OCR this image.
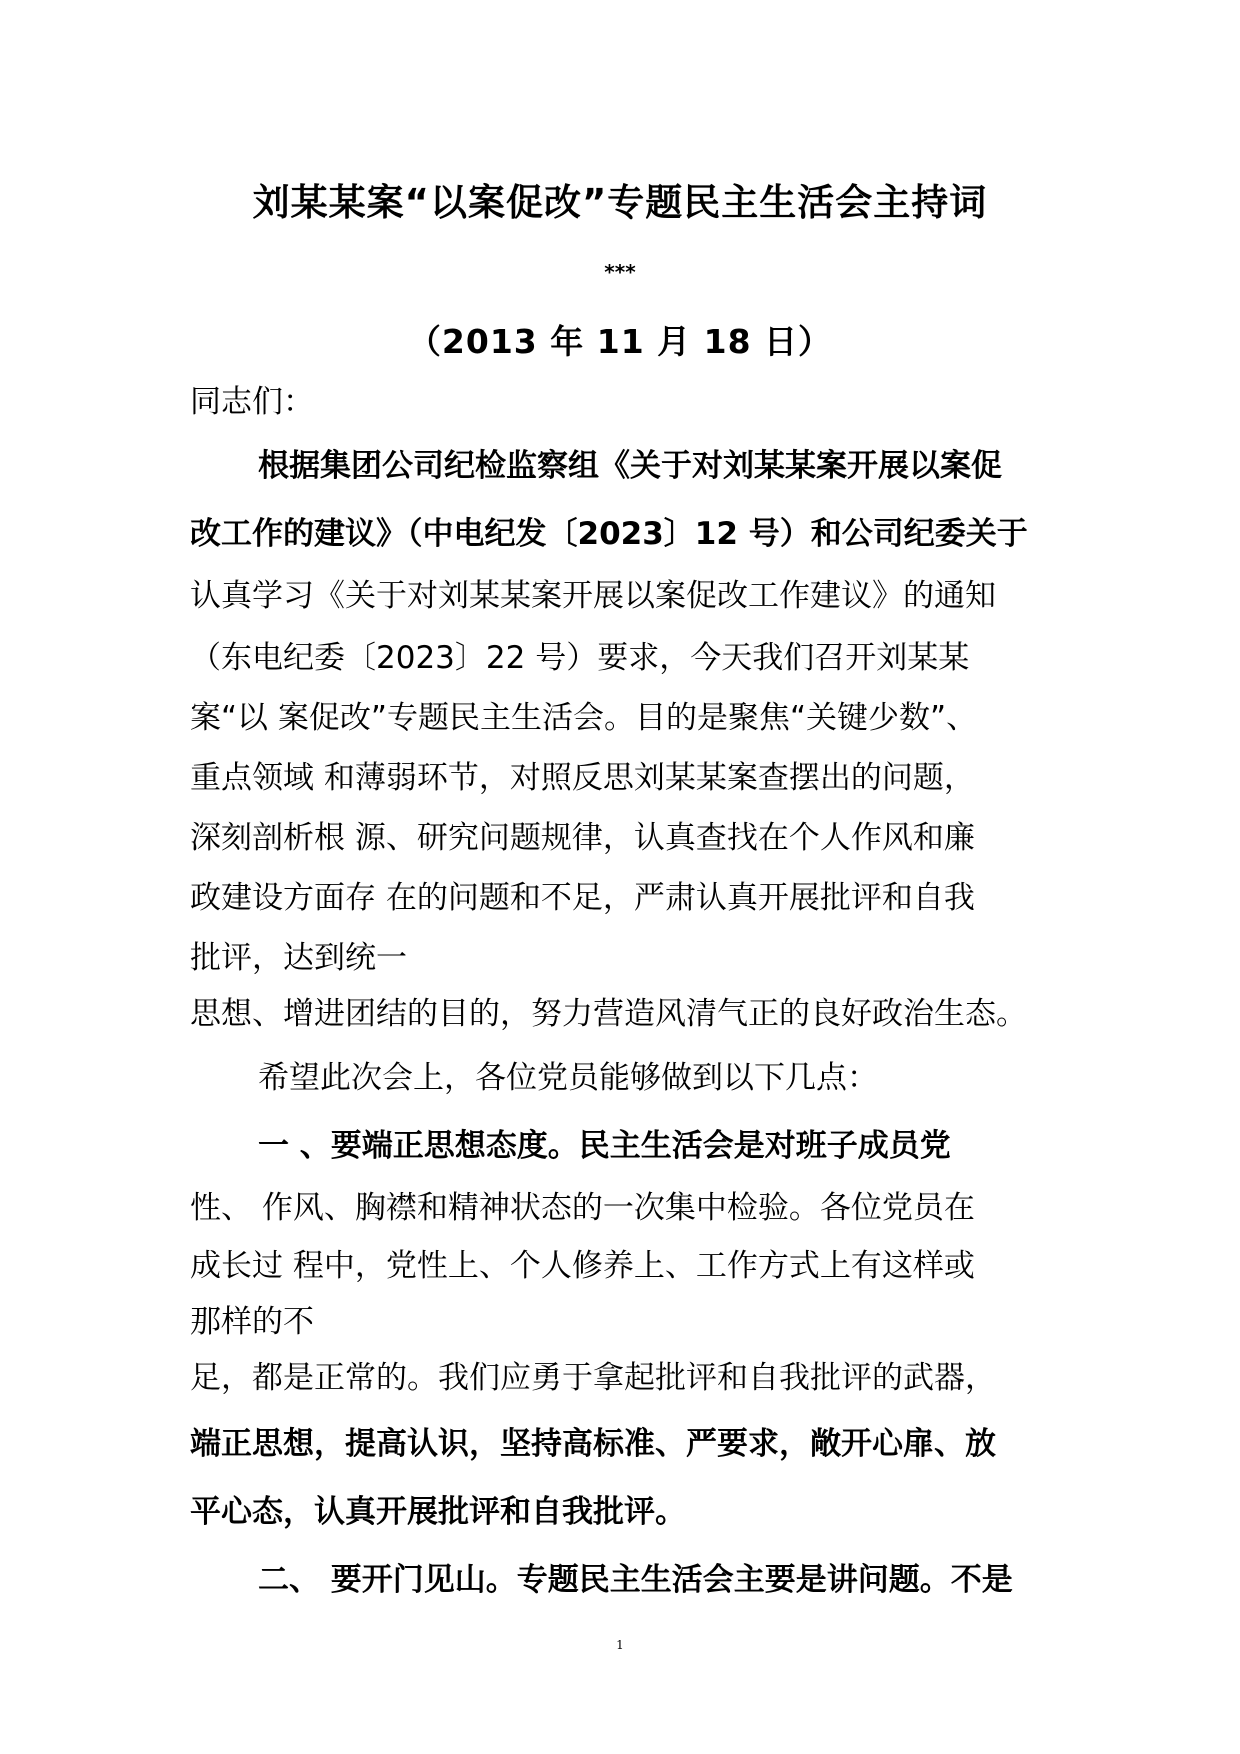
刘某某案“以案促改”专题民主生活会主持词
***
（2013 年 11 月 18 日）
同志们：
根据集团公司纪检监察组《关于对刘某某案开展以案促
改工作的建议》（中电纪发〔2023〕12 号）和公司纪委关于
认真学习《关于对刘某某案开展以案促改工作建议》的通知
（东电纪委〔2023〕22 号）要求，今天我们召开刘某某
案“以 案促改”专题民主生活会。目的是聚焦“关键少数”、
重点领域 和薄弱环节，对照反思刘某某案查摆出的问题，
深刻剖析根 源、研究问题规律，认真查找在个人作风和廉
政建设方面存 在的问题和不足，严肃认真开展批评和自我
批评，达到统一
思想、增进团结的目的，努力营造风清气正的良好政治生态。
希望此次会上，各位党员能够做到以下几点：
一 、要端正思想态度。民主生活会是对班子成员党
性、 作风、胸襟和精神状态的一次集中检验。各位党员在
成长过 程中，党性上、个人修养上、工作方式上有这样或
那样的不
足，都是正常的。我们应勇于拿起批评和自我批评的武器，
端正思想，提高认识，坚持高标准、严要求，敞开心扉、放
平心态，认真开展批评和自我批评。
二、 要开门见山。专题民主生活会主要是讲问题。不是
1
